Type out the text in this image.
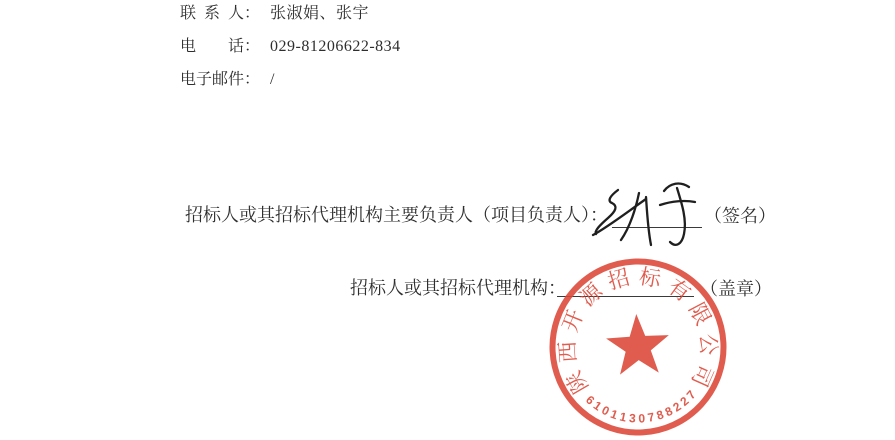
联系人： 张淑娟、张宇
电话： 029-81206622-834
电子邮件： /
招标人或其招标代理机构主要负责人（项目负责人）：	（签名）
招标人或其招标代理机构：	（盖章）
陕
西
开
源
招 标 有
限
公
司
6
1
0
1
1 3 0 7 8
8
2
2
7
